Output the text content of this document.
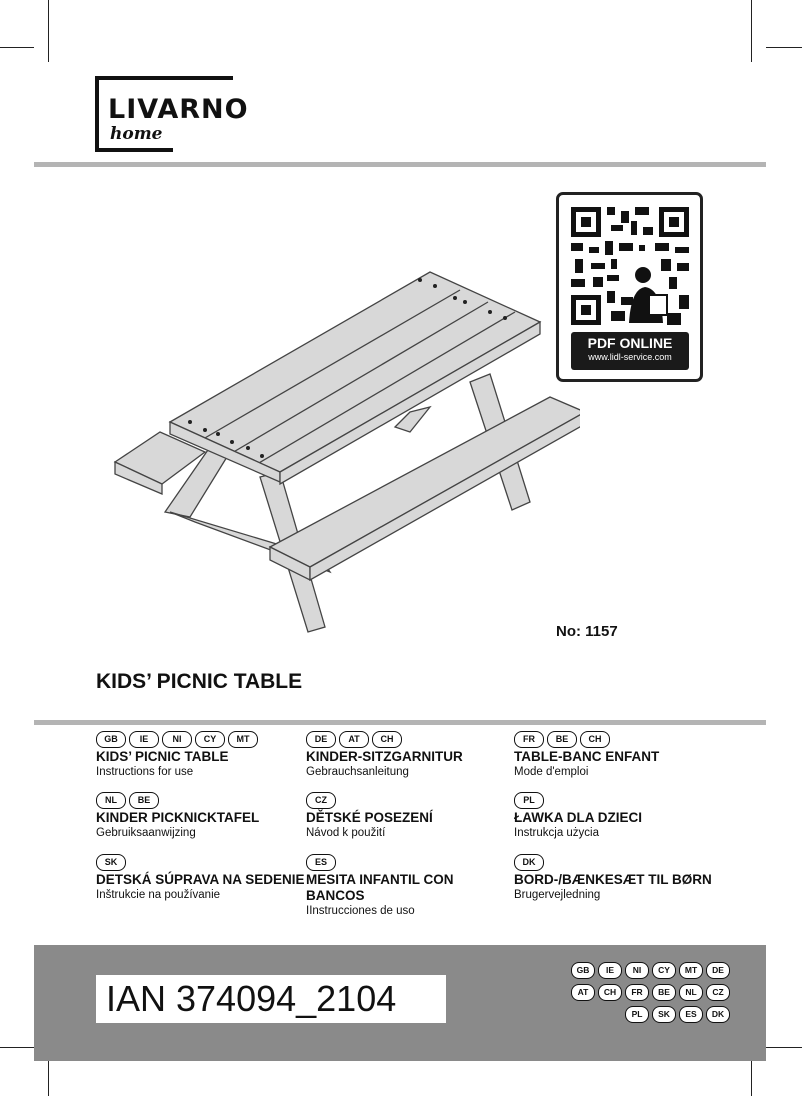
LIVARNO
home
PDF ONLINE
www.lidl-service.com
No: 1157
KIDS’ PICNIC TABLE
GB	IE	NI	CY	MT
KIDS’ PICNIC TABLE
Instructions for use
DE	AT	CH
KINDER-SITZGARNITUR
Gebrauchsanleitung
FR	BE	CH
TABLE-BANC ENFANT
Mode d'emploi
NL	BE
KINDER PICKNICKTAFEL
Gebruiksaanwijzing
CZ
DĚTSKÉ POSEZENÍ
Návod k použití
PL
ŁAWKA DLA DZIECI
Instrukcja użycia
SK
DETSKÁ SÚPRAVA NA SEDENIE
Inštrukcie na používanie
ES
MESITA INFANTIL CON BANCOS
IInstrucciones de uso
DK
BORD-/BÆNKESÆT TIL BØRN
Brugervejledning
IAN 374094_2104
GB	IE	NI	CY	MT	DE
AT	CH	FR	BE	NL	CZ
PL	SK	ES	DK
